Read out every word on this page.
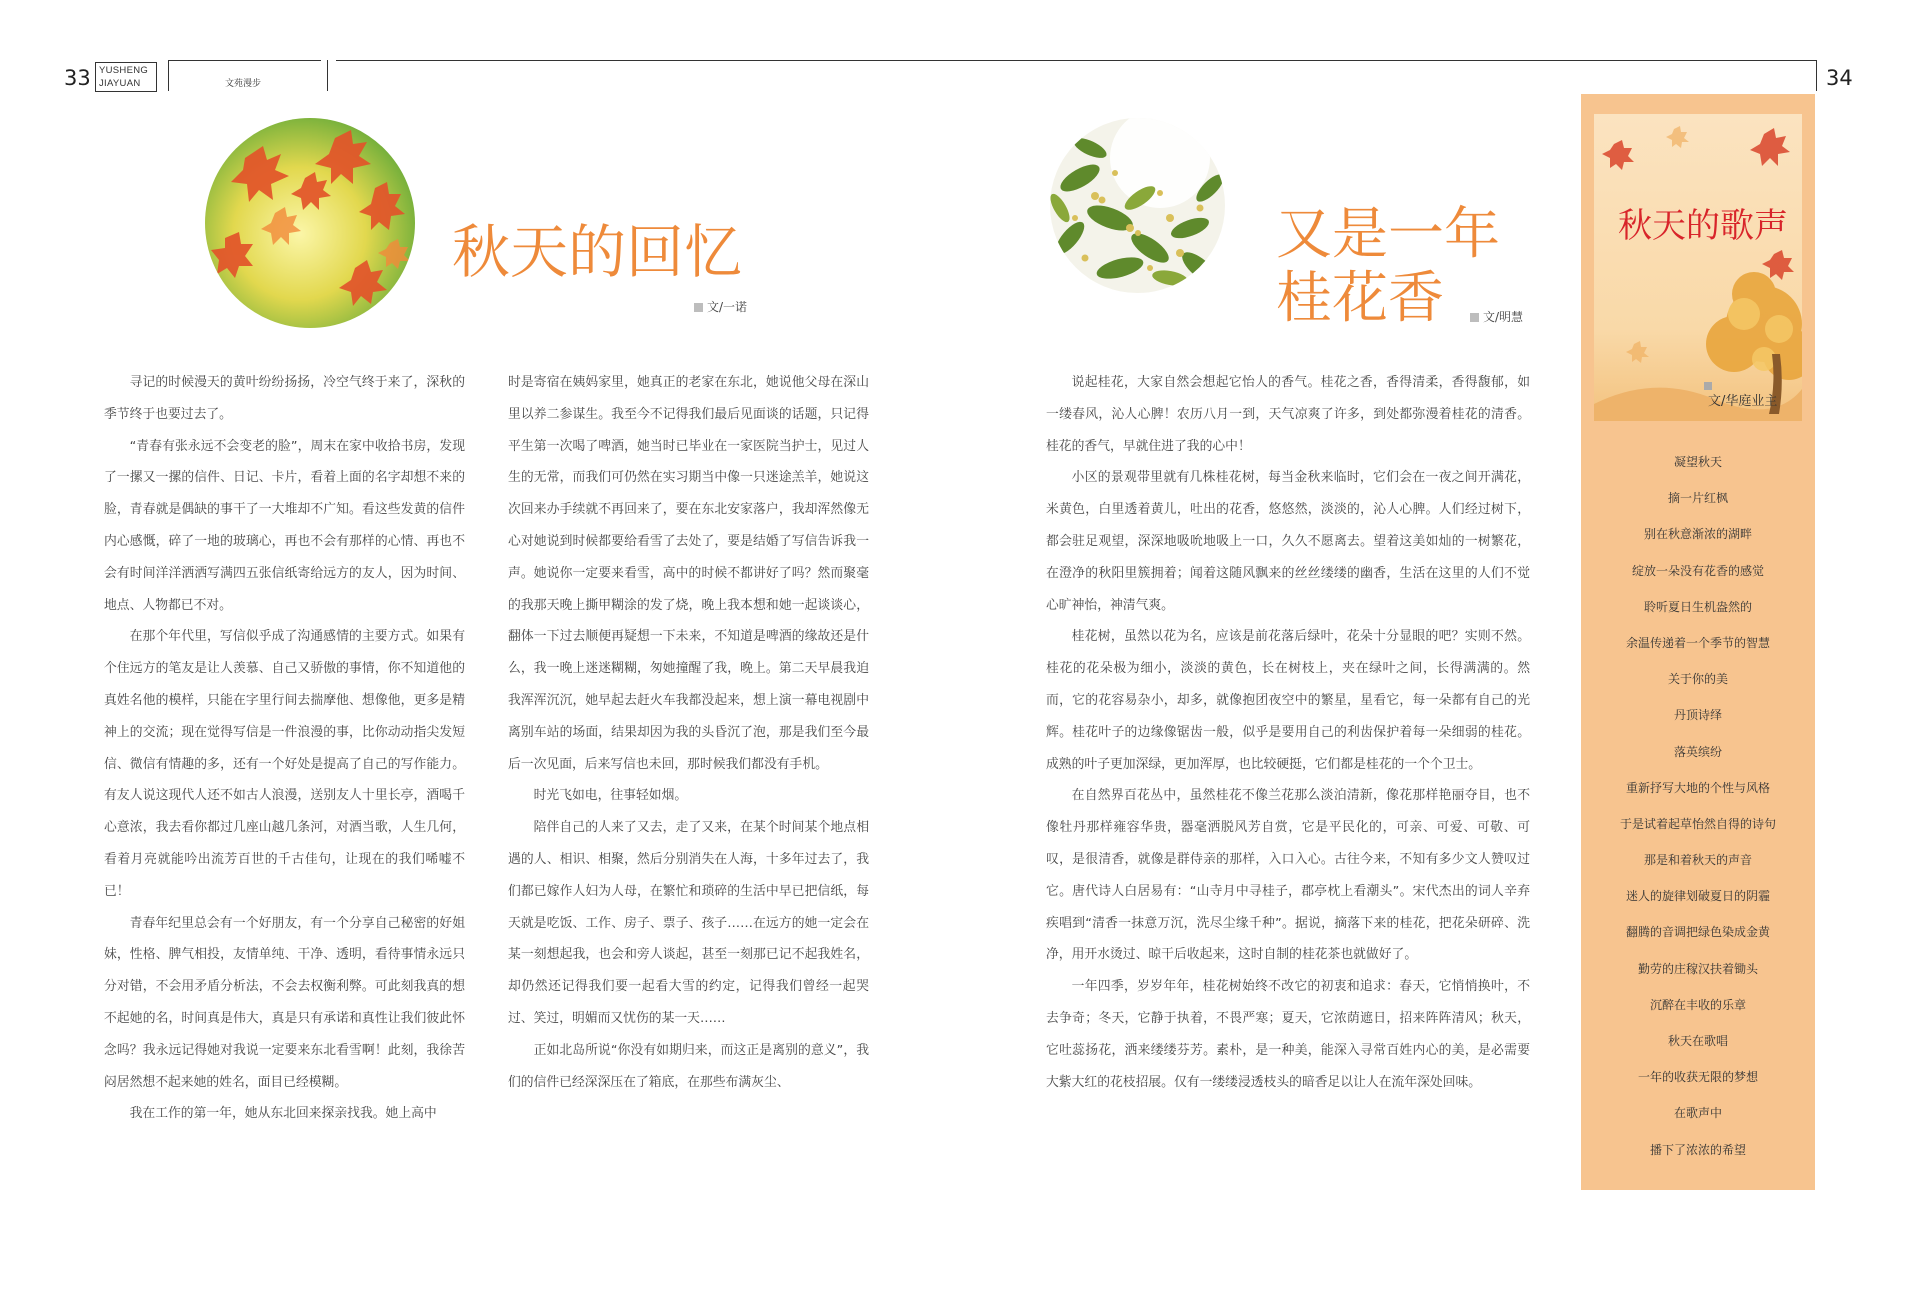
33 YUSHENG
JIAYUAN	文苑漫步	34
秋天的回忆
文/一诺

寻记的时候漫天的黄叶纷纷扬扬，冷空气终于来了，深秋的季节终于也要过去了。

“青春有张永远不会变老的脸”，周末在家中收拾书房，发现了一摞又一摞的信件、日记、卡片，看着上面的名字却想不来的脸，青春就是偶缺的事干了一大堆却不广知。看这些发黄的信件内心感慨，碎了一地的玻璃心，再也不会有那样的心情、再也不会有时间洋洋洒洒写满四五张信纸寄给远方的友人，因为时间、地点、人物都已不对。

在那个年代里，写信似乎成了沟通感情的主要方式。如果有个住远方的笔友是让人羡慕、自己又骄傲的事情，你不知道他的真姓名他的模样，只能在字里行间去揣摩他、想像他，更多是精神上的交流；现在觉得写信是一件浪漫的事，比你动动指尖发短信、微信有情趣的多，还有一个好处是提高了自己的写作能力。有友人说这现代人还不如古人浪漫，送别友人十里长亭，酒喝千心意浓，我去看你都过几座山越几条河，对酒当歌，人生几何，看着月亮就能吟出流芳百世的千古佳句，让现在的我们唏嘘不已！

青春年纪里总会有一个好朋友，有一个分享自己秘密的好姐妹，性格、脾气相投，友情单纯、干净、透明，看待事情永远只分对错，不会用矛盾分析法，不会去权衡利弊。可此刻我真的想不起她的名，时间真是伟大，真是只有承诺和真性让我们彼此怀念吗？我永远记得她对我说一定要来东北看雪啊！此刻，我徐苦闷居然想不起来她的姓名，面目已经模糊。

我在工作的第一年，她从东北回来探亲找我。她上高中

时是寄宿在姨妈家里，她真正的老家在东北，她说他父母在深山里以养二参谋生。我至今不记得我们最后见面谈的话题，只记得平生第一次喝了啤酒，她当时已毕业在一家医院当护士，见过人生的无常，而我们可仍然在实习期当中像一只迷途羔羊，她说这次回来办手续就不再回来了，要在东北安家落户，我却浑然像无心对她说到时候都要给看雪了去处了，要是结婚了写信告诉我一声。她说你一定要来看雪，高中的时候不都讲好了吗？然而聚毫的我那天晚上撕甲糊涂的发了烧，晚上我本想和她一起谈谈心，翻体一下过去顺便再疑想一下未来，不知道是啤酒的缘故还是什么，我一晚上迷迷糊糊，匆她撞醒了我，晚上。第二天早晨我迫我浑浑沉沉，她早起去赶火车我都没起来，想上演一幕电视剧中离别车站的场面，结果却因为我的头昏沉了泡，那是我们至今最后一次见面，后来写信也未回，那时候我们都没有手机。

时光飞如电，往事轻如烟。

陪伴自己的人来了又去，走了又来，在某个时间某个地点相遇的人、相识、相聚，然后分别消失在人海，十多年过去了，我们都已嫁作人妇为人母，在繁忙和琐碎的生活中早已把信纸，每天就是吃饭、工作、房子、票子、孩子……在远方的她一定会在某一刻想起我，也会和旁人谈起，甚至一刻那已记不起我姓名，却仍然还记得我们要一起看大雪的约定，记得我们曾经一起哭过、笑过，明媚而又忧伤的某一天……

正如北岛所说“你没有如期归来，而这正是离别的意义”，我们的信件已经深深压在了箱底，在那些布满灰尘、

又是一年
桂花香	文/明慧

说起桂花，大家自然会想起它怡人的香气。桂花之香，香得清柔，香得馥郁，如一缕春风，沁人心脾！农历八月一到，天气凉爽了许多，到处都弥漫着桂花的清香。桂花的香气，早就住进了我的心中！

小区的景观带里就有几株桂花树，每当金秋来临时，它们会在一夜之间开满花，米黄色，白里透着黄儿，吐出的花香，悠悠然，淡淡的，沁人心脾。人们经过树下，都会驻足观望，深深地吸吮地吸上一口，久久不愿离去。望着这美如灿的一树繁花，在澄净的秋阳里簇拥着；闻着这随风飘来的丝丝缕缕的幽香，生活在这里的人们不觉心旷神怡，神清气爽。

桂花树，虽然以花为名，应该是前花落后绿叶，花朵十分显眼的吧？实则不然。桂花的花朵极为细小，淡淡的黄色，长在树枝上，夹在绿叶之间，长得满满的。然而，它的花容易杂小，却多，就像抱团夜空中的繁星，星看它，每一朵都有自己的光辉。桂花叶子的边缘像锯齿一般，似乎是要用自己的利齿保护着每一朵细弱的桂花。成熟的叶子更加深绿，更加浑厚，也比较硬挺，它们都是桂花的一个个卫士。

在自然界百花丛中，虽然桂花不像兰花那么淡泊清新，像花那样艳丽夺目，也不像牡丹那样雍容华贵，器毫洒脱风芳自赏，它是平民化的，可亲、可爱、可敬、可叹，是很清香，就像是群侍亲的那样，入口入心。古往今来，不知有多少文人赞叹过它。唐代诗人白居易有：“山寺月中寻桂子，郡亭枕上看潮头”。宋代杰出的词人辛弃疾唱到“清香一抹意万沉，洗尽尘缘千种”。据说，摘落下来的桂花，把花朵研碎、洗净，用开水烫过、晾干后收起来，这时自制的桂花茶也就做好了。

一年四季，岁岁年年，桂花树始终不改它的初衷和追求：春天，它悄悄换叶，不去争奇；冬天，它静于执着，不畏严寒；夏天，它浓荫遮日，招来阵阵清风；秋天，它吐蕊扬花，洒来缕缕芬芳。素朴，是一种美，能深入寻常百姓内心的美，是必需要大紫大红的花枝招展。仅有一缕缕浸透枝头的暗香足以让人在流年深处回味。

秋天的歌声
文/华庭业主
凝望秋天
摘一片红枫
别在秋意渐浓的湖畔
绽放一朵没有花香的感觉
聆听夏日生机盎然的
余温传递着一个季节的智慧
关于你的美
丹顶诗绎
落英缤纷
重新抒写大地的个性与风格
于是试着起草怡然自得的诗句
那是和着秋天的声音
迷人的旋律划破夏日的阴霾
翻腾的音调把绿色染成金黄
勤劳的庄稼汉扶着锄头
沉醉在丰收的乐章
秋天在歌唱
一年的收获无限的梦想
在歌声中
播下了浓浓的希望
